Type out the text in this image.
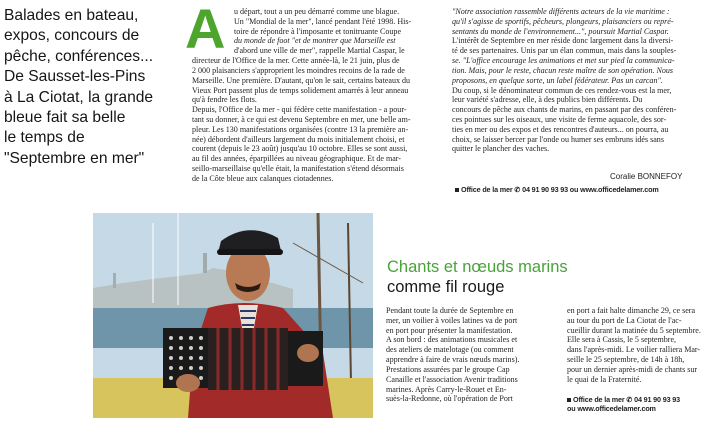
Balades en bateau,
expos, concours de
pêche, conférences...
De Sausset-les-Pins
à La Ciotat, la grande
bleue fait sa belle
le temps de
"Septembre en mer"
A	u départ, tout a un peu démarré comme une blague.
Un "Mondial de la mer", lancé pendant l'été 1998. His-
toire de répondre à l'imposante et tonitruante Coupe
du monde de foot "et de montrer que Marseille est
d'abord une ville de mer", rappelle Martial Caspar, le
directeur de l'Office de la mer. Cette année-là, le 21 juin, plus de
2 000 plaisanciers s'approprient les moindres recoins de la rade de
Marseille. Une première. D'autant, qu'on le sait, certains bateaux du
Vieux Port passent plus de temps solidement amarrés à leur anneau
qu'à fendre les flots.
Depuis, l'Office de la mer - qui fédère cette manifestation - a pour-
tant su donner, à ce qui est devenu Septembre en mer, une belle am-
pleur. Les 130 manifestations organisées (contre 13 la première an-
née) débordent d'ailleurs largement du mois initialement choisi, et
courent (depuis le 23 août) jusqu'au 10 octobre. Elles se sont aussi,
au fil des années, éparpillées au niveau géographique. Et de mar-
seillo-marseillaise qu'elle était, la manifestation s'étend désormais
de la Côte bleue aux calanques ciotadennes.
"Notre association rassemble différents acteurs de la vie maritime :
qu'il s'agisse de sportifs, pêcheurs, plongeurs, plaisanciers ou repré-
sentants du monde de l'environnement...", poursuit Martial Caspar.
L'intérêt de Septembre en mer réside donc largement dans la diversi-
té de ses partenaires. Unis par un élan commun, mais dans la souples-
se. "L'office encourage les animations et met sur pied la communica-
tion. Mais, pour le reste, chacun reste maître de son opération. Nous
proposons, en quelque sorte, un label fédérateur. Pas un carcan".
Du coup, si le dénominateur commun de ces rendez-vous est la mer,
leur variété s'adresse, elle, à des publics bien différents. Du
concours de pêche aux chants de marins, en passant par des conféren-
ces pointues sur les oiseaux, une visite de ferme aquacole, des sor-
ties en mer ou des expos et des rencontres d'auteurs... on pourra, au
choix, se laisser bercer par l'onde ou humer ses embruns idés sans
quitter le plancher des vaches.
Coralie BONNEFOY
Office de la mer ✆ 04 91 90 93 93 ou www.officedelamer.com
Chants et nœuds marins
comme fil rouge
Pendant toute la durée de Septembre en
mer, un voilier à voiles latines va de port
en port pour présenter la manifestation.
A son bord : des animations musicales et
des ateliers de matelotage (ou comment
apprendre à faire de vrais nœuds marins).
Prestations assurées par le groupe Cap
Canaille et l'association Avenir traditions
marines. Après Carry-le-Rouet et En-
suès-la-Redonne, où l'opération de Port
en port a fait halte dimanche 29, ce sera
au tour du port de La Ciotat de l'ac-
cueillir durant la matinée du 5 septembre.
Elle sera à Cassis, le 5 septembre,
dans l'après-midi. Le voilier ralliera Mar-
seille le 25 septembre, de 14h à 18h,
pour un dernier après-midi de chants sur
le quai de la Fraternité.
Office de la mer ✆ 04 91 90 93 93
ou www.officedelamer.com
